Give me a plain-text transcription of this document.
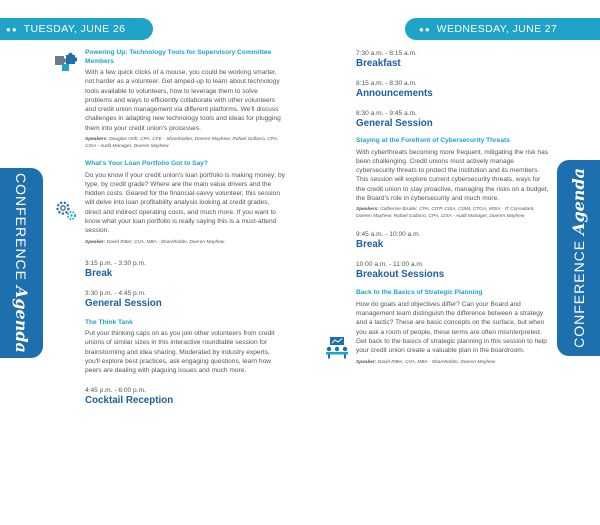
●● TUESDAY, JUNE 26	●● WEDNESDAY, JUNE 27
CONFERENCE Agenda	CONFERENCE Agenda
Powering Up: Technology Tools for Supervisory Committee Members
With a few quick clicks of a mouse, you could be working smarter, not harder as a volunteer. Get amped-up to learn about technology tools available to volunteers, how to leverage them to solve problems and ways to efficiently collaborate with other volunteers and credit union management via different platforms. We'll discuss challenges in adapting new technology tools and ideas for plugging them into your credit union's processes.
Speakers: Douglas Orth, CPA, CFE - Shareholder, Doeren Mayhew; Rafael Gullarro, CPA, CISA - Audit Manager, Doeren Mayhew
What's Your Loan Portfolio Got to Say?
Do you know if your credit union's loan portfolio is making money; by type, by credit grade? Where are the main value drivers and the hidden costs. Geared for the financial-savvy volunteer, this session will delve into loan profitability analysis looking at credit grades, direct and indirect operating costs, and much more. If you want to know what your loan portfolio is really saying this is a must-attend session.
Speaker: David Ritter, CVA, MBA - Shareholder, Doeren Mayhew
3:15 p.m. - 3:30 p.m.
Break
3:30 p.m. - 4:45 p.m.
General Session
The Think Tank
Put your thinking caps on as you join other volunteers from credit unions of similar sizes in this interactive roundtable session for brainstorming and idea sharing. Moderated by industry experts, you'll explore best practices, ask engaging questions, learn how peers are dealing with plaguing issues and much more.
4:45 p.m. - 6:00 p.m.
Cocktail Reception
7:30 a.m. - 8:15 a.m.
Breakfast
8:15 a.m. - 8:30 a.m.
Announcements
8:30 a.m. - 9:45 a.m.
General Session
Staying at the Forefront of Cybersecurity Threats
With cyberthreats becoming more frequent, mitigating the risk has been challenging. Credit unions must actively manage cybersecurity threats to protect the institution and its members. This session will explore current cybersecurity threats, ways for the credit union to stay proactive, managing the risks on a budget, the Board's role in cybersecurity and much more.
Speakers: Catherine Bruder, CPA, CITP, CISA, CISM, CTGA, MSIA - IT Consultant, Doeren Mayhew; Rafael Gullarro, CPA, CISA - Audit Manager, Doeren Mayhew
9:45 a.m. - 10:00 a.m.
Break
10:00 a.m. - 11:00 a.m.
Breakout Sessions
Back to the Basics of Strategic Planning
How do goals and objectives differ? Can your Board and management team distinguish the difference between a strategy and a tactic? These are basic concepts on the surface, but when you ask a room of people, these terms are often misinterpreted. Get back to the basics of strategic planning in this session to help your credit union create a valuable plan in the boardroom.
Speaker: David Ritter, CVA, MBA - Shareholder, Doeren Mayhew
